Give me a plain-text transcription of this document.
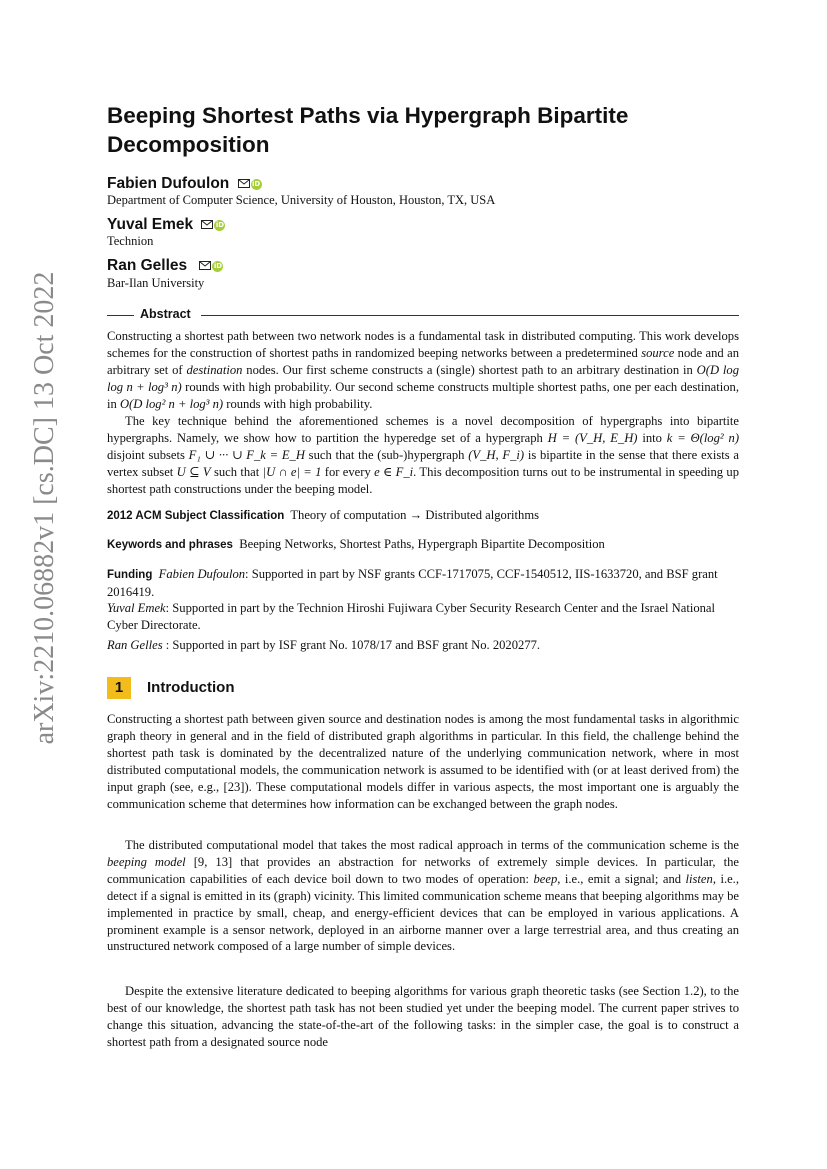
arXiv:2210.06882v1 [cs.DC] 13 Oct 2022
Beeping Shortest Paths via Hypergraph Bipartite Decomposition
Fabien Dufoulon	iD
Department of Computer Science, University of Houston, Houston, TX, USA
Yuval Emek	iD
Technion
Ran Gelles	iD
Bar-Ilan University
Abstract

Constructing a shortest path between two network nodes is a fundamental task in distributed computing. This work develops schemes for the construction of shortest paths in randomized beeping networks between a predetermined source node and an arbitrary set of destination nodes. Our first scheme constructs a (single) shortest path to an arbitrary destination in O(D log log n + log³ n) rounds with high probability. Our second scheme constructs multiple shortest paths, one per each destination, in O(D log² n + log³ n) rounds with high probability.

The key technique behind the aforementioned schemes is a novel decomposition of hypergraphs into bipartite hypergraphs. Namely, we show how to partition the hyperedge set of a hypergraph H = (V_H, E_H) into k = Θ(log² n) disjoint subsets F₁ ∪ ··· ∪ F_k = E_H such that the (sub-)hypergraph (V_H, F_i) is bipartite in the sense that there exists a vertex subset U ⊆ V such that |U ∩ e| = 1 for every e ∈ F_i. This decomposition turns out to be instrumental in speeding up shortest path constructions under the beeping model.

2012 ACM Subject Classification Theory of computation → Distributed algorithms

Keywords and phrases Beeping Networks, Shortest Paths, Hypergraph Bipartite Decomposition

Funding Fabien Dufoulon: Supported in part by NSF grants CCF-1717075, CCF-1540512, IIS-1633720, and BSF grant 2016419.

Yuval Emek: Supported in part by the Technion Hiroshi Fujiwara Cyber Security Research Center and the Israel National Cyber Directorate.

Ran Gelles : Supported in part by ISF grant No. 1078/17 and BSF grant No. 2020277.

1	Introduction

Constructing a shortest path between given source and destination nodes is among the most fundamental tasks in algorithmic graph theory in general and in the field of distributed graph algorithms in particular. In this field, the challenge behind the shortest path task is dominated by the decentralized nature of the underlying communication network, where in most distributed computational models, the communication network is assumed to be identified with (or at least derived from) the input graph (see, e.g., [23]). These computational models differ in various aspects, the most important one is arguably the communication scheme that determines how information can be exchanged between the graph nodes.

The distributed computational model that takes the most radical approach in terms of the communication scheme is the beeping model [9, 13] that provides an abstraction for networks of extremely simple devices. In particular, the communication capabilities of each device boil down to two modes of operation: beep, i.e., emit a signal; and listen, i.e., detect if a signal is emitted in its (graph) vicinity. This limited communication scheme means that beeping algorithms may be implemented in practice by small, cheap, and energy-efficient devices that can be employed in various applications. A prominent example is a sensor network, deployed in an airborne manner over a large terrestrial area, and thus creating an unstructured network composed of a large number of simple devices.

Despite the extensive literature dedicated to beeping algorithms for various graph theoretic tasks (see Section 1.2), to the best of our knowledge, the shortest path task has not been studied yet under the beeping model. The current paper strives to change this situation, advancing the state-of-the-art of the following tasks: in the simpler case, the goal is to construct a shortest path from a designated source node
